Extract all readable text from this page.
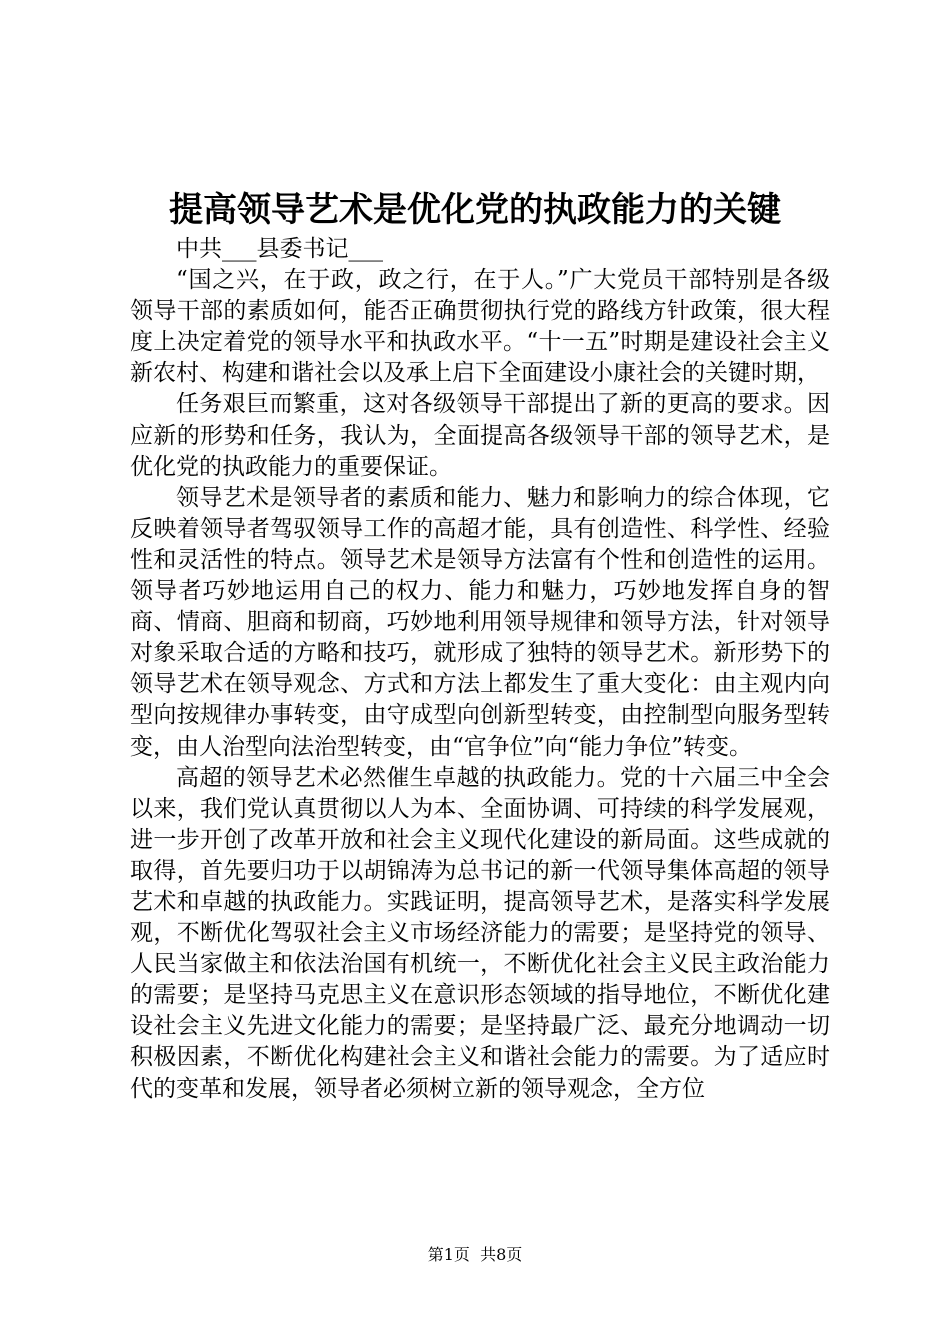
提高领导艺术是优化党的执政能力的关键

中共___县委书记___

“国之兴，在于政，政之行，在于人。”广大党员干部特别是各级领导干部的素质如何，能否正确贯彻执行党的路线方针政策，很大程度上决定着党的领导水平和执政水平。“十一五”时期是建设社会主义新农村、构建和谐社会以及承上启下全面建设小康社会的关键时期，

任务艰巨而繁重，这对各级领导干部提出了新的更高的要求。因应新的形势和任务，我认为，全面提高各级领导干部的领导艺术，是优化党的执政能力的重要保证。

领导艺术是领导者的素质和能力、魅力和影响力的综合体现，它反映着领导者驾驭领导工作的高超才能，具有创造性、科学性、经验性和灵活性的特点。领导艺术是领导方法富有个性和创造性的运用。领导者巧妙地运用自己的权力、能力和魅力，巧妙地发挥自身的智商、情商、胆商和韧商，巧妙地利用领导规律和领导方法，针对领导对象采取合适的方略和技巧，就形成了独特的领导艺术。新形势下的领导艺术在领导观念、方式和方法上都发生了重大变化：由主观内向型向按规律办事转变，由守成型向创新型转变，由控制型向服务型转变，由人治型向法治型转变，由“官争位”向“能力争位”转变。

高超的领导艺术必然催生卓越的执政能力。党的十六届三中全会以来，我们党认真贯彻以人为本、全面协调、可持续的科学发展观，进一步开创了改革开放和社会主义现代化建设的新局面。这些成就的取得，首先要归功于以胡锦涛为总书记的新一代领导集体高超的领导艺术和卓越的执政能力。实践证明，提高领导艺术，是落实科学发展观，不断优化驾驭社会主义市场经济能力的需要；是坚持党的领导、人民当家做主和依法治国有机统一，不断优化社会主义民主政治能力的需要；是坚持马克思主义在意识形态领域的指导地位，不断优化建设社会主义先进文化能力的需要；是坚持最广泛、最充分地调动一切积极因素，不断优化构建社会主义和谐社会能力的需要。为了适应时代的变革和发展，领导者必须树立新的领导观念，全方位

第1页 共8页
